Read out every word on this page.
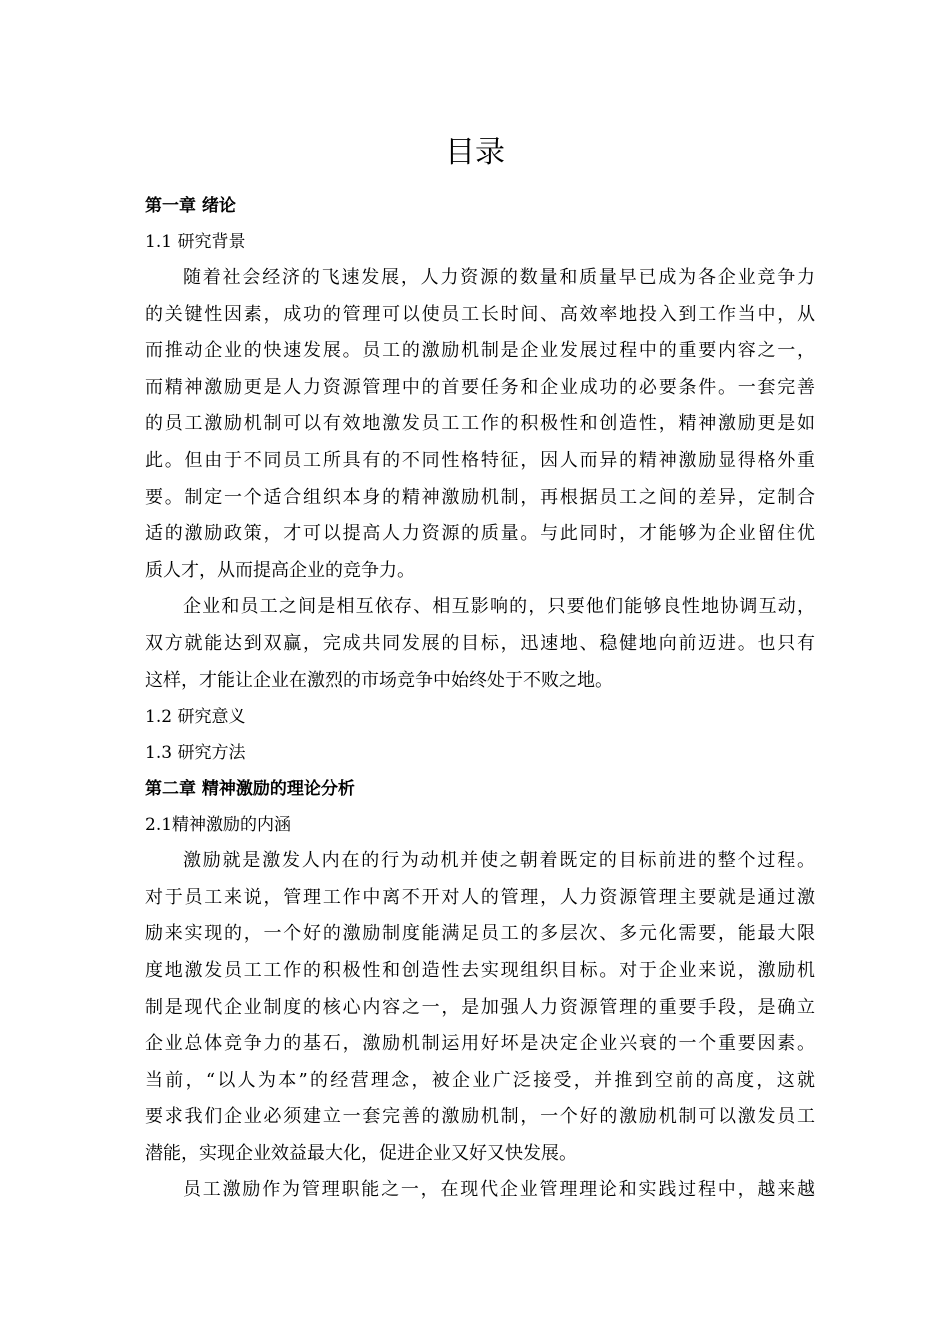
目录
第一章 绪论
1.1 研究背景
随着社会经济的飞速发展，人力资源的数量和质量早已成为各企业竞争力
的关键性因素，成功的管理可以使员工长时间、高效率地投入到工作当中，从
而推动企业的快速发展。员工的激励机制是企业发展过程中的重要内容之一，
而精神激励更是人力资源管理中的首要任务和企业成功的必要条件。一套完善
的员工激励机制可以有效地激发员工工作的积极性和创造性，精神激励更是如
此。但由于不同员工所具有的不同性格特征，因人而异的精神激励显得格外重
要。制定一个适合组织本身的精神激励机制，再根据员工之间的差异，定制合
适的激励政策，才可以提高人力资源的质量。与此同时，才能够为企业留住优
质人才，从而提高企业的竞争力。
企业和员工之间是相互依存、相互影响的，只要他们能够良性地协调互动，
双方就能达到双赢，完成共同发展的目标，迅速地、稳健地向前迈进。也只有
这样，才能让企业在激烈的市场竞争中始终处于不败之地。
1.2 研究意义
1.3 研究方法
第二章 精神激励的理论分析
2.1精神激励的内涵
激励就是激发人内在的行为动机并使之朝着既定的目标前进的整个过程。
对于员工来说，管理工作中离不开对人的管理，人力资源管理主要就是通过激
励来实现的，一个好的激励制度能满足员工的多层次、多元化需要，能最大限
度地激发员工工作的积极性和创造性去实现组织目标。对于企业来说，激励机
制是现代企业制度的核心内容之一，是加强人力资源管理的重要手段，是确立
企业总体竞争力的基石，激励机制运用好坏是决定企业兴衰的一个重要因素。
当前，“以人为本”的经营理念，被企业广泛接受，并推到空前的高度，这就
要求我们企业必须建立一套完善的激励机制，一个好的激励机制可以激发员工
潜能，实现企业效益最大化，促进企业又好又快发展。
员工激励作为管理职能之一，在现代企业管理理论和实践过程中，越来越
